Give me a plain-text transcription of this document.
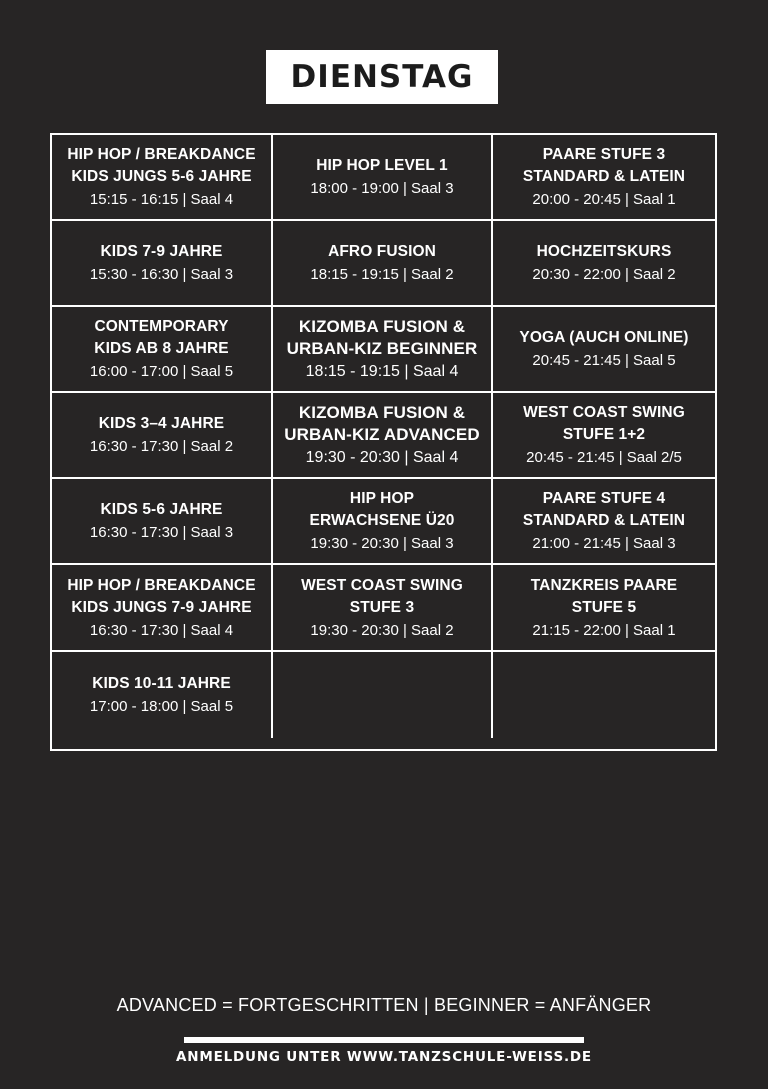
DIENSTAG
HIP HOP / BREAKDANCE
KIDS JUNGS 5-6 JAHRE
15:15 - 16:15 | Saal 4
HIP HOP LEVEL 1
18:00 - 19:00 | Saal 3
PAARE STUFE 3
STANDARD & LATEIN
20:00 - 20:45 | Saal 1
KIDS 7-9 JAHRE
15:30 - 16:30 | Saal 3
AFRO FUSION
18:15 - 19:15 | Saal 2
HOCHZEITSKURS
20:30 - 22:00 | Saal 2
CONTEMPORARY
KIDS AB 8 JAHRE
16:00 - 17:00 | Saal 5
KIZOMBA FUSION &
URBAN-KIZ BEGINNER
18:15 - 19:15 | Saal 4
YOGA (AUCH ONLINE)
20:45 - 21:45 | Saal 5
KIDS 3–4 JAHRE
16:30 - 17:30 | Saal 2
KIZOMBA FUSION &
URBAN-KIZ ADVANCED
19:30 - 20:30 | Saal 4
WEST COAST SWING
STUFE 1+2
20:45 - 21:45 | Saal 2/5
KIDS 5-6 JAHRE
16:30 - 17:30 | Saal 3
HIP HOP
ERWACHSENE Ü20
19:30 - 20:30 | Saal 3
PAARE STUFE 4
STANDARD & LATEIN
21:00 - 21:45 | Saal 3
HIP HOP / BREAKDANCE
KIDS JUNGS 7-9 JAHRE
16:30 - 17:30 | Saal 4
WEST COAST SWING
STUFE 3
19:30 - 20:30 | Saal 2
TANZKREIS PAARE
STUFE 5
21:15 - 22:00 | Saal 1
KIDS 10-11 JAHRE
17:00 - 18:00 | Saal 5
ADVANCED = FORTGESCHRITTEN | BEGINNER = ANFÄNGER
ANMELDUNG UNTER WWW.TANZSCHULE-WEISS.DE
